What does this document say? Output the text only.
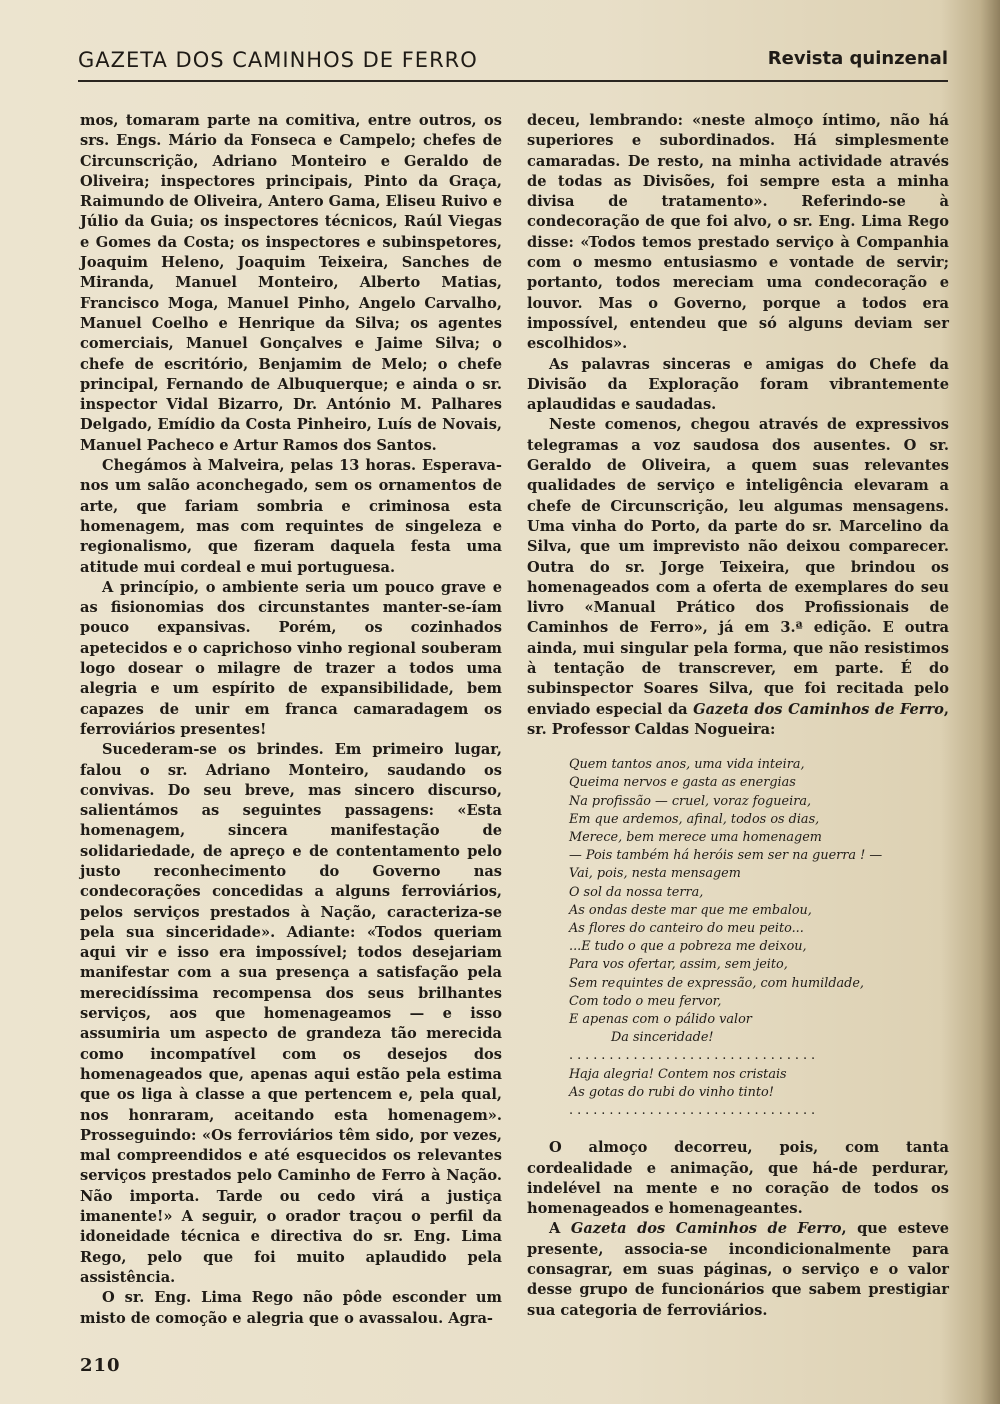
GAZETA DOS CAMINHOS DE FERRO	Revista quinzenal

mos, tomaram parte na comitiva, entre outros, os srs. Engs. Mário da Fonseca e Campelo; chefes de Circunscrição, Adriano Monteiro e Geraldo de Oliveira; inspectores principais, Pinto da Graça, Raimundo de Oliveira, Antero Gama, Eliseu Ruivo e Júlio da Guia; os inspectores técnicos, Raúl Viegas e Gomes da Costa; os inspectores e subinspetores, Joaquim Heleno, Joaquim Teixeira, Sanches de Miranda, Manuel Monteiro, Alberto Matias, Francisco Moga, Manuel Pinho, Angelo Carvalho, Manuel Coelho e Henrique da Silva; os agentes comerciais, Manuel Gonçalves e Jaime Silva; o chefe de escritório, Benjamim de Melo; o chefe principal, Fernando de Albuquerque; e ainda o sr. inspector Vidal Bizarro, Dr. António M. Palhares Delgado, Emídio da Costa Pinheiro, Luís de Novais, Manuel Pacheco e Artur Ramos dos Santos.

Chegámos à Malveira, pelas 13 horas. Esperava-nos um salão aconchegado, sem os ornamentos de arte, que fariam sombria e criminosa esta homenagem, mas com requintes de singeleza e regionalismo, que fizeram daquela festa uma atitude mui cordeal e mui portuguesa.

A princípio, o ambiente seria um pouco grave e as fisionomias dos circunstantes manter-se-íam pouco expansivas. Porém, os cozinhados apetecidos e o caprichoso vinho regional souberam logo dosear o milagre de trazer a todos uma alegria e um espírito de expansibilidade, bem capazes de unir em franca camaradagem os ferroviários presentes!

Sucederam-se os brindes. Em primeiro lugar, falou o sr. Adriano Monteiro, saudando os convivas. Do seu breve, mas sincero discurso, salientámos as seguintes passagens: «Esta homenagem, sincera manifestação de solidariedade, de apreço e de contentamento pelo justo reconhecimento do Governo nas condecorações concedidas a alguns ferroviários, pelos serviços prestados à Nação, caracteriza-se pela sua sinceridade». Adiante: «Todos queriam aqui vir e isso era impossível; todos desejariam manifestar com a sua presença a satisfação pela merecidíssima recompensa dos seus brilhantes serviços, aos que homenageamos — e isso assumiria um aspecto de grandeza tão merecida como incompatível com os desejos dos homenageados que, apenas aqui estão pela estima que os liga à classe a que pertencem e, pela qual, nos honraram, aceitando esta homenagem». Prosseguindo: «Os ferroviários têm sido, por vezes, mal compreendidos e até esquecidos os relevantes serviços prestados pelo Caminho de Ferro à Nação. Não importa. Tarde ou cedo virá a justiça imanente!» A seguir, o orador traçou o perfil da idoneidade técnica e directiva do sr. Eng. Lima Rego, pelo que foi muito aplaudido pela assistência.

O sr. Eng. Lima Rego não pôde esconder um misto de comoção e alegria que o avassalou. Agra-

deceu, lembrando: «neste almoço íntimo, não há superiores e subordinados. Há simplesmente camaradas. De resto, na minha actividade através de todas as Divisões, foi sempre esta a minha divisa de tratamento». Referindo-se à condecoração de que foi alvo, o sr. Eng. Lima Rego disse: «Todos temos prestado serviço à Companhia com o mesmo entusiasmo e vontade de servir; portanto, todos mereciam uma condecoração e louvor. Mas o Governo, porque a todos era impossível, entendeu que só alguns deviam ser escolhidos».

As palavras sinceras e amigas do Chefe da Divisão da Exploração foram vibrantemente aplaudidas e saudadas.

Neste comenos, chegou através de expressivos telegramas a voz saudosa dos ausentes. O sr. Geraldo de Oliveira, a quem suas relevantes qualidades de serviço e inteligência elevaram a chefe de Circunscrição, leu algumas mensagens. Uma vinha do Porto, da parte do sr. Marcelino da Silva, que um imprevisto não deixou comparecer. Outra do sr. Jorge Teixeira, que brindou os homenageados com a oferta de exemplares do seu livro «Manual Prático dos Profissionais de Caminhos de Ferro», já em 3.ª edição. E outra ainda, mui singular pela forma, que não resistimos à tentação de transcrever, em parte. É do subinspector Soares Silva, que foi recitada pelo enviado especial da Gazeta dos Caminhos de Ferro, sr. Professor Caldas Nogueira:

Quem tantos anos, uma vida inteira,
Queima nervos e gasta as energias
Na profissão — cruel, voraz fogueira,
Em que ardemos, afinal, todos os dias,
Merece, bem merece uma homenagem
— Pois também há heróis sem ser na guerra ! —
Vai, pois, nesta mensagem
O sol da nossa terra,
As ondas deste mar que me embalou,
As flores do canteiro do meu peito...
...E tudo o que a pobreza me deixou,
Para vos ofertar, assim, sem jeito,
Sem requintes de expressão, com humildade,
Com todo o meu fervor,
E apenas com o pálido valor
Da sinceridade!
...............................
Haja alegria! Contem nos cristais
As gotas do rubi do vinho tinto!
...............................

O almoço decorreu, pois, com tanta cordealidade e animação, que há-de perdurar, indelével na mente e no coração de todos os homenageados e homenageantes.

A Gazeta dos Caminhos de Ferro, que esteve presente, associa-se incondicionalmente para consagrar, em suas páginas, o serviço e o valor desse grupo de funcionários que sabem prestigiar sua categoria de ferroviários.

210
